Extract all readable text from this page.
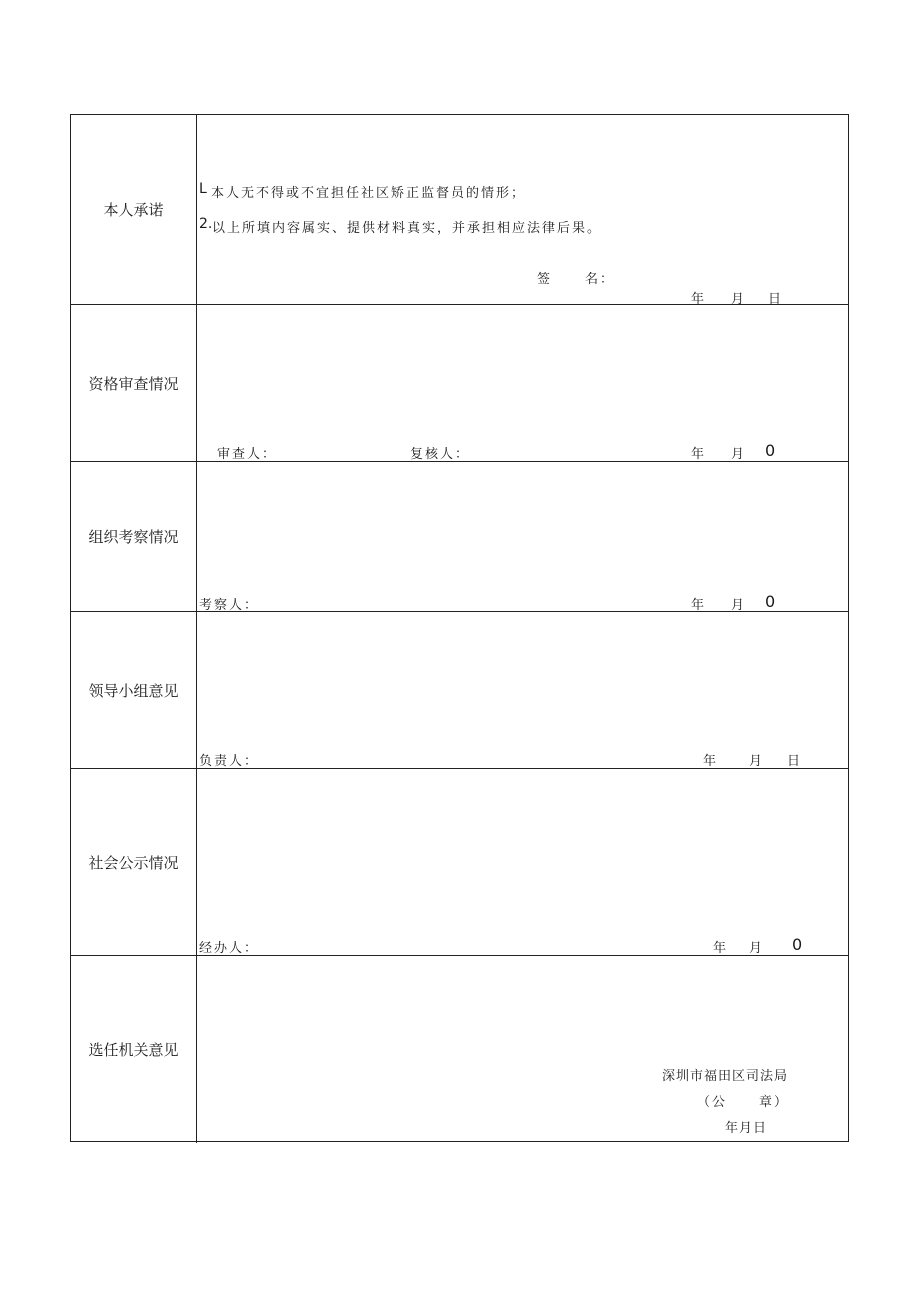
本人承诺
L 本人无不得或不宜担任社区矫正监督员的情形；
2. 以上所填内容属实、提供材料真实，并承担相应法律后果。
签	名：
年 月 日
资格审查情况
审查人：	复核人：	年 月 0
组织考察情况
考察人：	年 月 0
领导小组意见
负责人：	年 月 日
社会公示情况
经办人：	年 月 0
选任机关意见
深圳市福田区司法局
（公 章）
年月日
